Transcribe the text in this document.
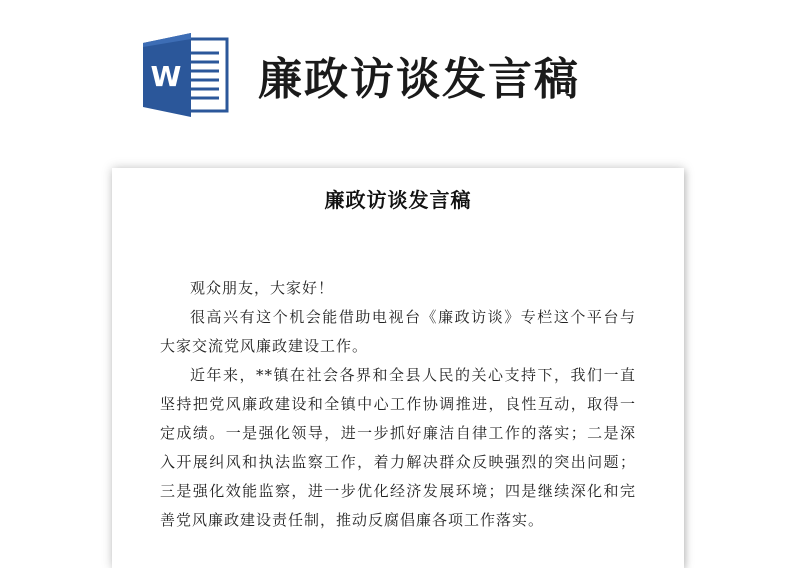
W 廉政访谈发言稿
廉政访谈发言稿

观众朋友，大家好！

很高兴有这个机会能借助电视台《廉政访谈》专栏这个平台与大家交流党风廉政建设工作。

近年来，**镇在社会各界和全县人民的关心支持下，我们一直坚持把党风廉政建设和全镇中心工作协调推进，良性互动，取得一定成绩。一是强化领导，进一步抓好廉洁自律工作的落实；二是深入开展纠风和执法监察工作，着力解决群众反映强烈的突出问题；三是强化效能监察，进一步优化经济发展环境；四是继续深化和完善党风廉政建设责任制，推动反腐倡廉各项工作落实。
